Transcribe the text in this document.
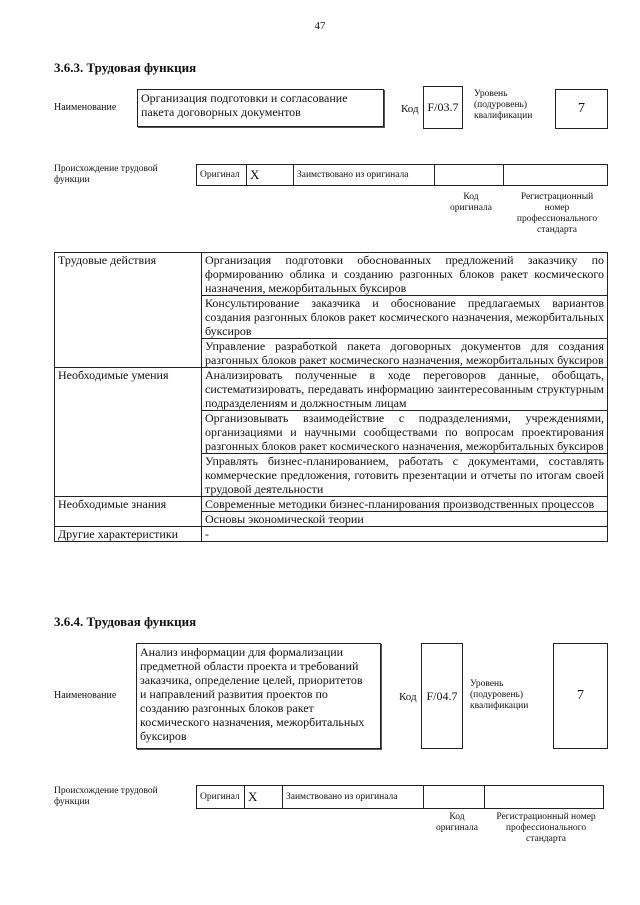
47
3.6.3. Трудовая функция
Наименование
Организация подготовки и согласование
пакета договорных документов	Код F/03.7
Уровень
(подуровень)
квалификации	7
Происхождение трудовой
функции	Оригинал X	Заимствовано из оригинала
Код
оригинала
Регистрационный
номер
профессионального
стандарта
Трудовые действия	Организация подготовки обоснованных предложений заказчику по формированию облика и созданию разгонных блоков ракет космического назначения, межорбитальных буксиров
	Консультирование заказчика и обоснование предлагаемых вариантов создания разгонных блоков ракет космического назначения, межорбитальных буксиров
	Управление разработкой пакета договорных документов для создания разгонных блоков ракет космического назначения, межорбитальных буксиров
Необходимые умения	Анализировать полученные в ходе переговоров данные, обобщать, систематизировать, передавать информацию заинтересованным структурным подразделениям и должностным лицам
	Организовывать взаимодействие с подразделениями, учреждениями, организациями и научными сообществами по вопросам проектирования разгонных блоков ракет космического назначения, межорбитальных буксиров
	Управлять бизнес-планированием, работать с документами, составлять коммерческие предложения, готовить презентации и отчеты по итогам своей трудовой деятельности
Необходимые знания	Современные методики бизнес-планирования производственных процессов
	Основы экономической теории
Другие характеристики	-
3.6.4. Трудовая функция
Наименование
Анализ информации для формализации
предметной области проекта и требований
заказчика, определение целей, приоритетов
и направлений развития проектов по
созданию разгонных блоков ракет
космического назначения, межорбитальных
буксиров
Код F/04.7
Уровень
(подуровень)
квалификации
7
Происхождение трудовой
функции	Оригинал X	Заимствовано из оригинала
Код
оригинала
Регистрационный номер
профессионального
стандарта
